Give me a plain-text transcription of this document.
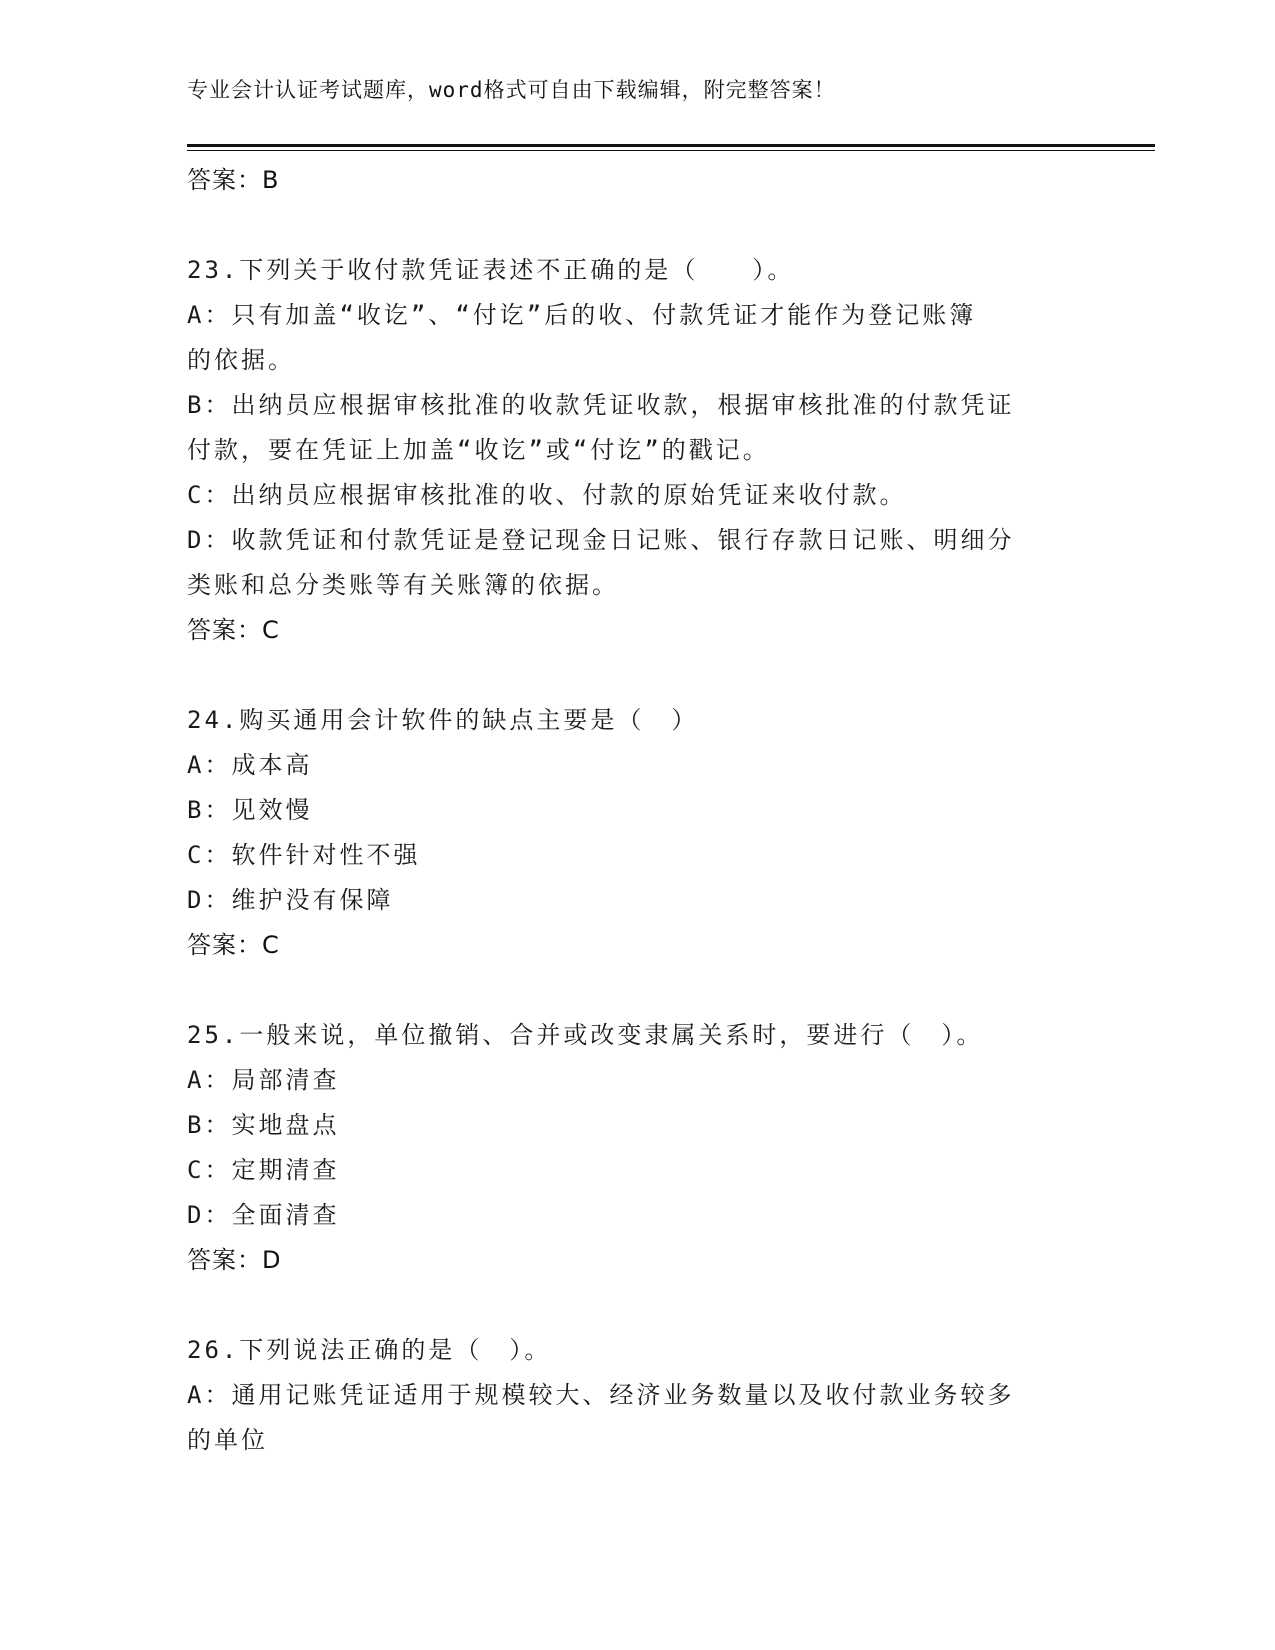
专业会计认证考试题库，word格式可自由下载编辑，附完整答案！
答案：B
23.下列关于收付款凭证表述不正确的是（　　）。
A：只有加盖“收讫”、“付讫”后的收、付款凭证才能作为登记账簿
的依据。
B：出纳员应根据审核批准的收款凭证收款，根据审核批准的付款凭证
付款，要在凭证上加盖“收讫”或“付讫”的戳记。
C：出纳员应根据审核批准的收、付款的原始凭证来收付款。
D：收款凭证和付款凭证是登记现金日记账、银行存款日记账、明细分
类账和总分类账等有关账簿的依据。
答案：C
24.购买通用会计软件的缺点主要是（　）
A：成本高
B：见效慢
C：软件针对性不强
D：维护没有保障
答案：C
25.一般来说，单位撤销、合并或改变隶属关系时，要进行（　）。
A：局部清查
B：实地盘点
C：定期清查
D：全面清查
答案：D
26.下列说法正确的是（　）。
A：通用记账凭证适用于规模较大、经济业务数量以及收付款业务较多
的单位
